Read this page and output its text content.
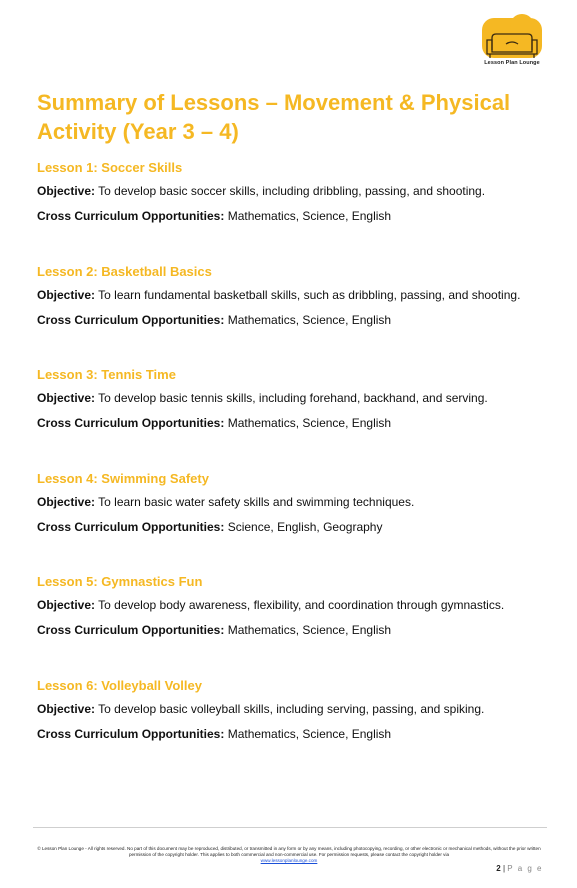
Lesson Plan Lounge
Summary of Lessons – Movement & Physical Activity (Year 3 – 4)

Lesson 1: Soccer Skills

Objective: To develop basic soccer skills, including dribbling, passing, and shooting.

Cross Curriculum Opportunities: Mathematics, Science, English

Lesson 2: Basketball Basics

Objective: To learn fundamental basketball skills, such as dribbling, passing, and shooting.

Cross Curriculum Opportunities: Mathematics, Science, English

Lesson 3: Tennis Time

Objective: To develop basic tennis skills, including forehand, backhand, and serving.

Cross Curriculum Opportunities: Mathematics, Science, English

Lesson 4: Swimming Safety

Objective: To learn basic water safety skills and swimming techniques.

Cross Curriculum Opportunities: Science, English, Geography

Lesson 5: Gymnastics Fun

Objective: To develop body awareness, flexibility, and coordination through gymnastics.

Cross Curriculum Opportunities: Mathematics, Science, English

Lesson 6: Volleyball Volley

Objective: To develop basic volleyball skills, including serving, passing, and spiking.

Cross Curriculum Opportunities: Mathematics, Science, English

© Lesson Plan Lounge - All rights reserved. No part of this document may be reproduced, distributed, or transmitted in any form or by any means, including photocopying, recording, or other electronic or mechanical methods, without the prior written permission of the copyright holder. This applies to both commercial and non-commercial use. For permission requests, please contact the copyright holder via
www.lessonplanlounge.com
2 | P a g e
